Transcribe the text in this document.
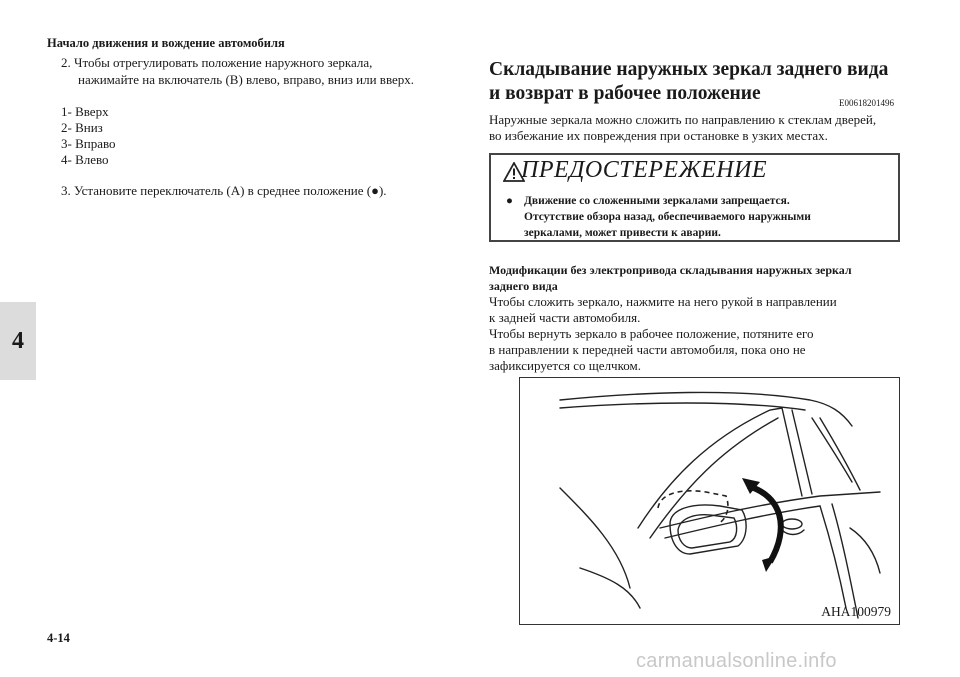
Начало движения и вождение автомобиля
2. Чтобы отрегулировать положение наружного зеркала,
нажимайте на включатель (B) влево, вправо, вниз или вверх.
1- Вверх
2- Вниз
3- Вправо
4- Влево
3. Установите переключатель (A) в среднее положение (●).
4
4-14
Складывание наружных зеркал заднего вида
и возврат в рабочее положение	E00618201496
Наружные зеркала можно сложить по направлению к стеклам дверей,
во избежание их повреждения при остановке в узких местах.
ПРЕДОСТЕРЕЖЕНИЕ
● Движение со сложенными зеркалами запрещается.
Отсутствие обзора назад, обеспечиваемого наружными
зеркалами, может привести к аварии.
Модификации без электропривода складывания наружных зеркал
заднего вида
Чтобы сложить зеркало, нажмите на него рукой в направлении
к задней части автомобиля.
Чтобы вернуть зеркало в рабочее положение, потяните его
в направлении к передней части автомобиля, пока оно не
зафиксируется со щелчком.
AHA100979
carmanualsonline.info
